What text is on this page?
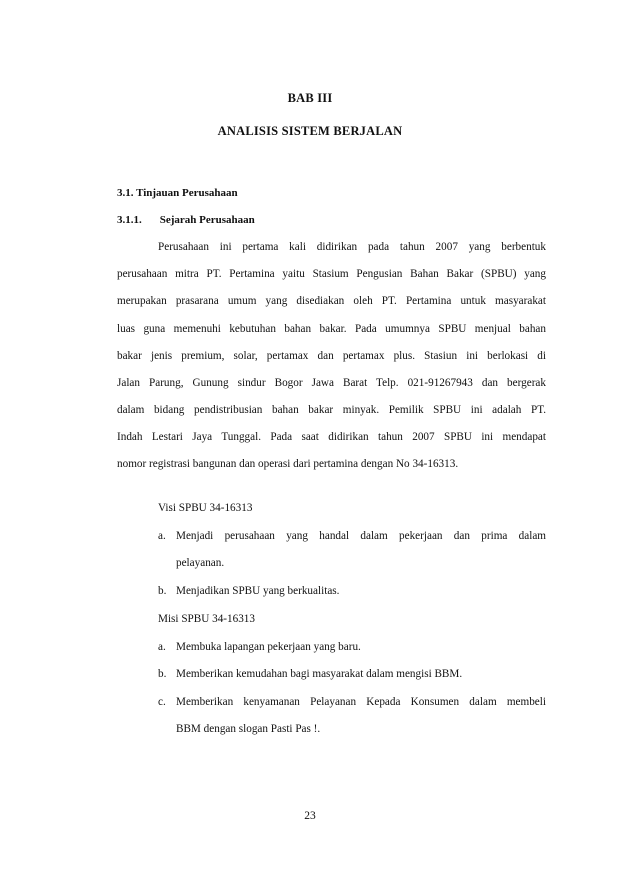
BAB III
ANALISIS SISTEM BERJALAN
3.1. Tinjauan Perusahaan
3.1.1. Sejarah Perusahaan
Perusahaan ini pertama kali didirikan pada tahun 2007 yang berbentuk
perusahaan mitra PT. Pertamina yaitu Stasium Pengusian Bahan Bakar (SPBU) yang
merupakan prasarana umum yang disediakan oleh PT. Pertamina untuk masyarakat
luas guna memenuhi kebutuhan bahan bakar. Pada umumnya SPBU menjual bahan
bakar jenis premium, solar, pertamax dan pertamax plus. Stasiun ini berlokasi di
Jalan Parung, Gunung sindur Bogor Jawa Barat Telp. 021-91267943 dan bergerak
dalam bidang pendistribusian bahan bakar minyak. Pemilik SPBU ini adalah PT.
Indah Lestari Jaya Tunggal. Pada saat didirikan tahun 2007 SPBU ini mendapat
nomor registrasi bangunan dan operasi dari pertamina dengan No 34-16313.
Visi SPBU 34-16313
a. Menjadi perusahaan yang handal dalam pekerjaan dan prima dalam
pelayanan.
b. Menjadikan SPBU yang berkualitas.
Misi SPBU 34-16313
a. Membuka lapangan pekerjaan yang baru.
b. Memberikan kemudahan bagi masyarakat dalam mengisi BBM.
c. Memberikan kenyamanan Pelayanan Kepada Konsumen dalam membeli
BBM dengan slogan Pasti Pas !.
23
